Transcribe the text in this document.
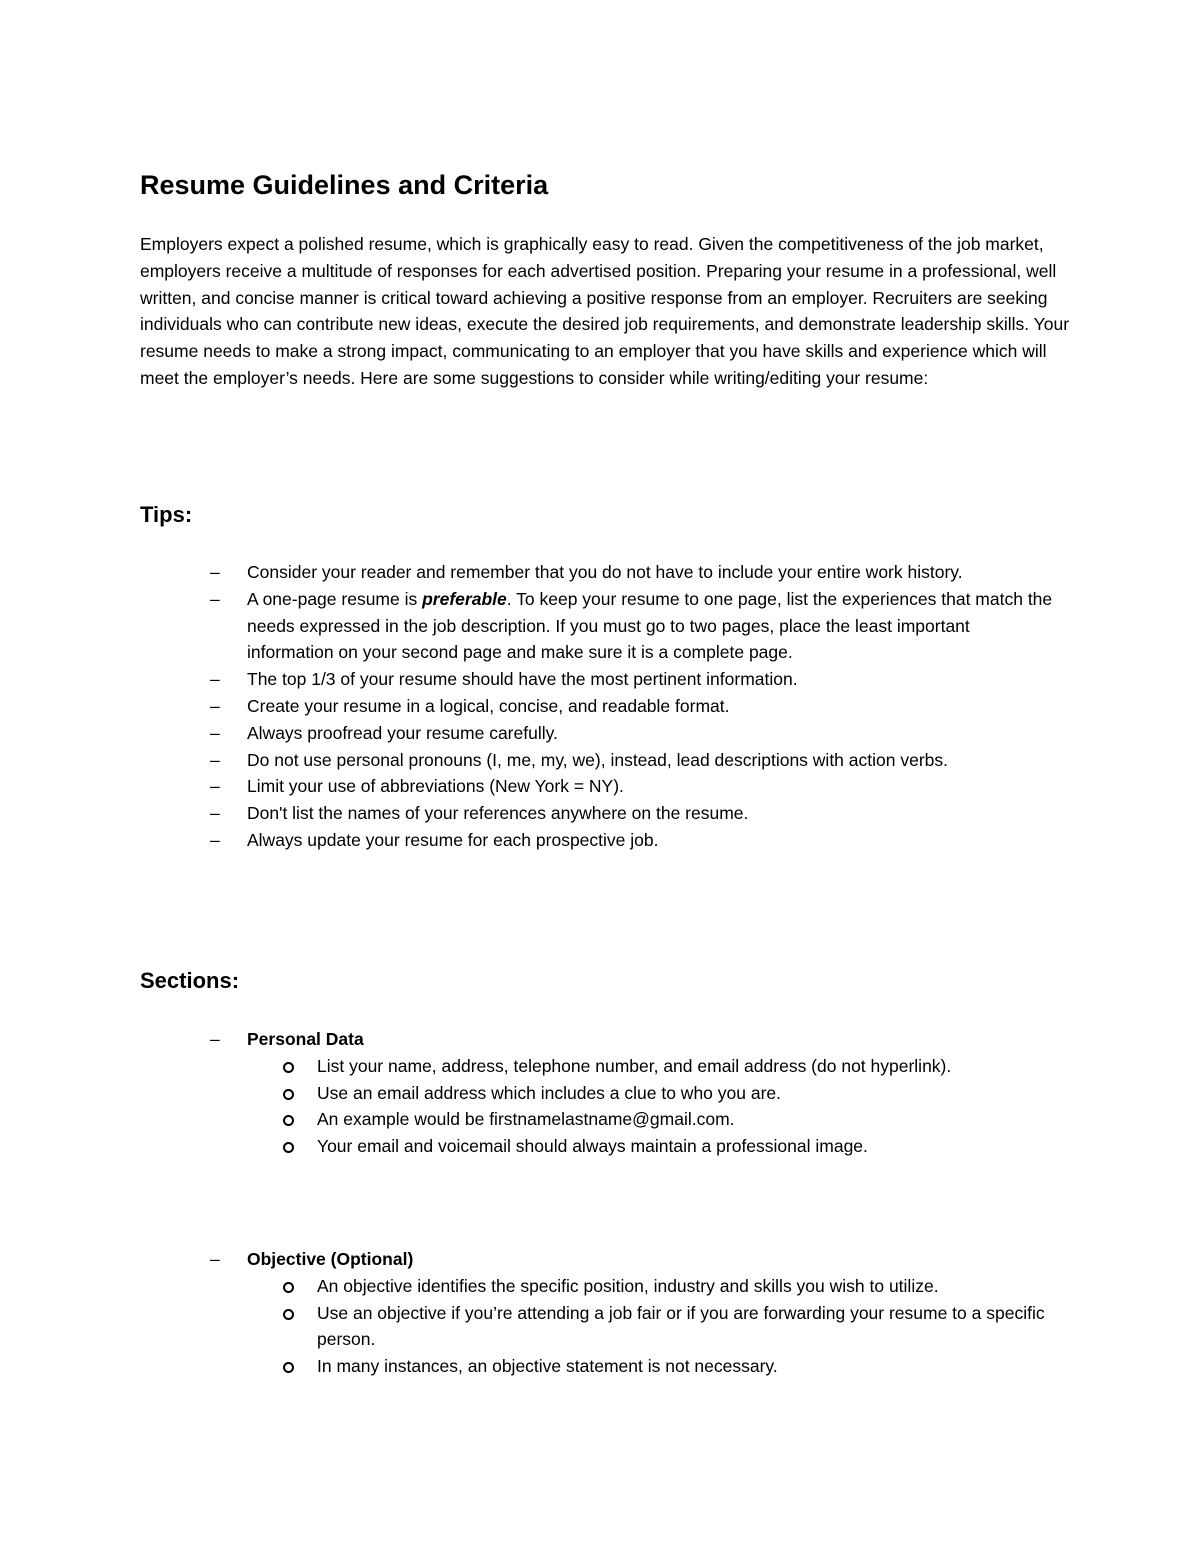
Resume Guidelines and Criteria

Employers expect a polished resume, which is graphically easy to read. Given the competitiveness of the job market, employers receive a multitude of responses for each advertised position. Preparing your resume in a professional, well written, and concise manner is critical toward achieving a positive response from an employer. Recruiters are seeking individuals who can contribute new ideas, execute the desired job requirements, and demonstrate leadership skills. Your resume needs to make a strong impact, communicating to an employer that you have skills and experience which will meet the employer’s needs. Here are some suggestions to consider while writing/editing your resume:

Tips:
– Consider your reader and remember that you do not have to include your entire work history.
– A one-page resume is preferable. To keep your resume to one page, list the experiences that match the needs expressed in the job description. If you must go to two pages, place the least important information on your second page and make sure it is a complete page.
– The top 1/3 of your resume should have the most pertinent information.
– Create your resume in a logical, concise, and readable format.
– Always proofread your resume carefully.
– Do not use personal pronouns (I, me, my, we), instead, lead descriptions with action verbs.
– Limit your use of abbreviations (New York = NY).
– Don't list the names of your references anywhere on the resume.
– Always update your resume for each prospective job.
Sections:
– Personal Data
List your name, address, telephone number, and email address (do not hyperlink).
Use an email address which includes a clue to who you are.
An example would be firstnamelastname@gmail.com.
Your email and voicemail should always maintain a professional image.
– Objective (Optional)
An objective identifies the specific position, industry and skills you wish to utilize.
Use an objective if you’re attending a job fair or if you are forwarding your resume to a specific person.
In many instances, an objective statement is not necessary.
